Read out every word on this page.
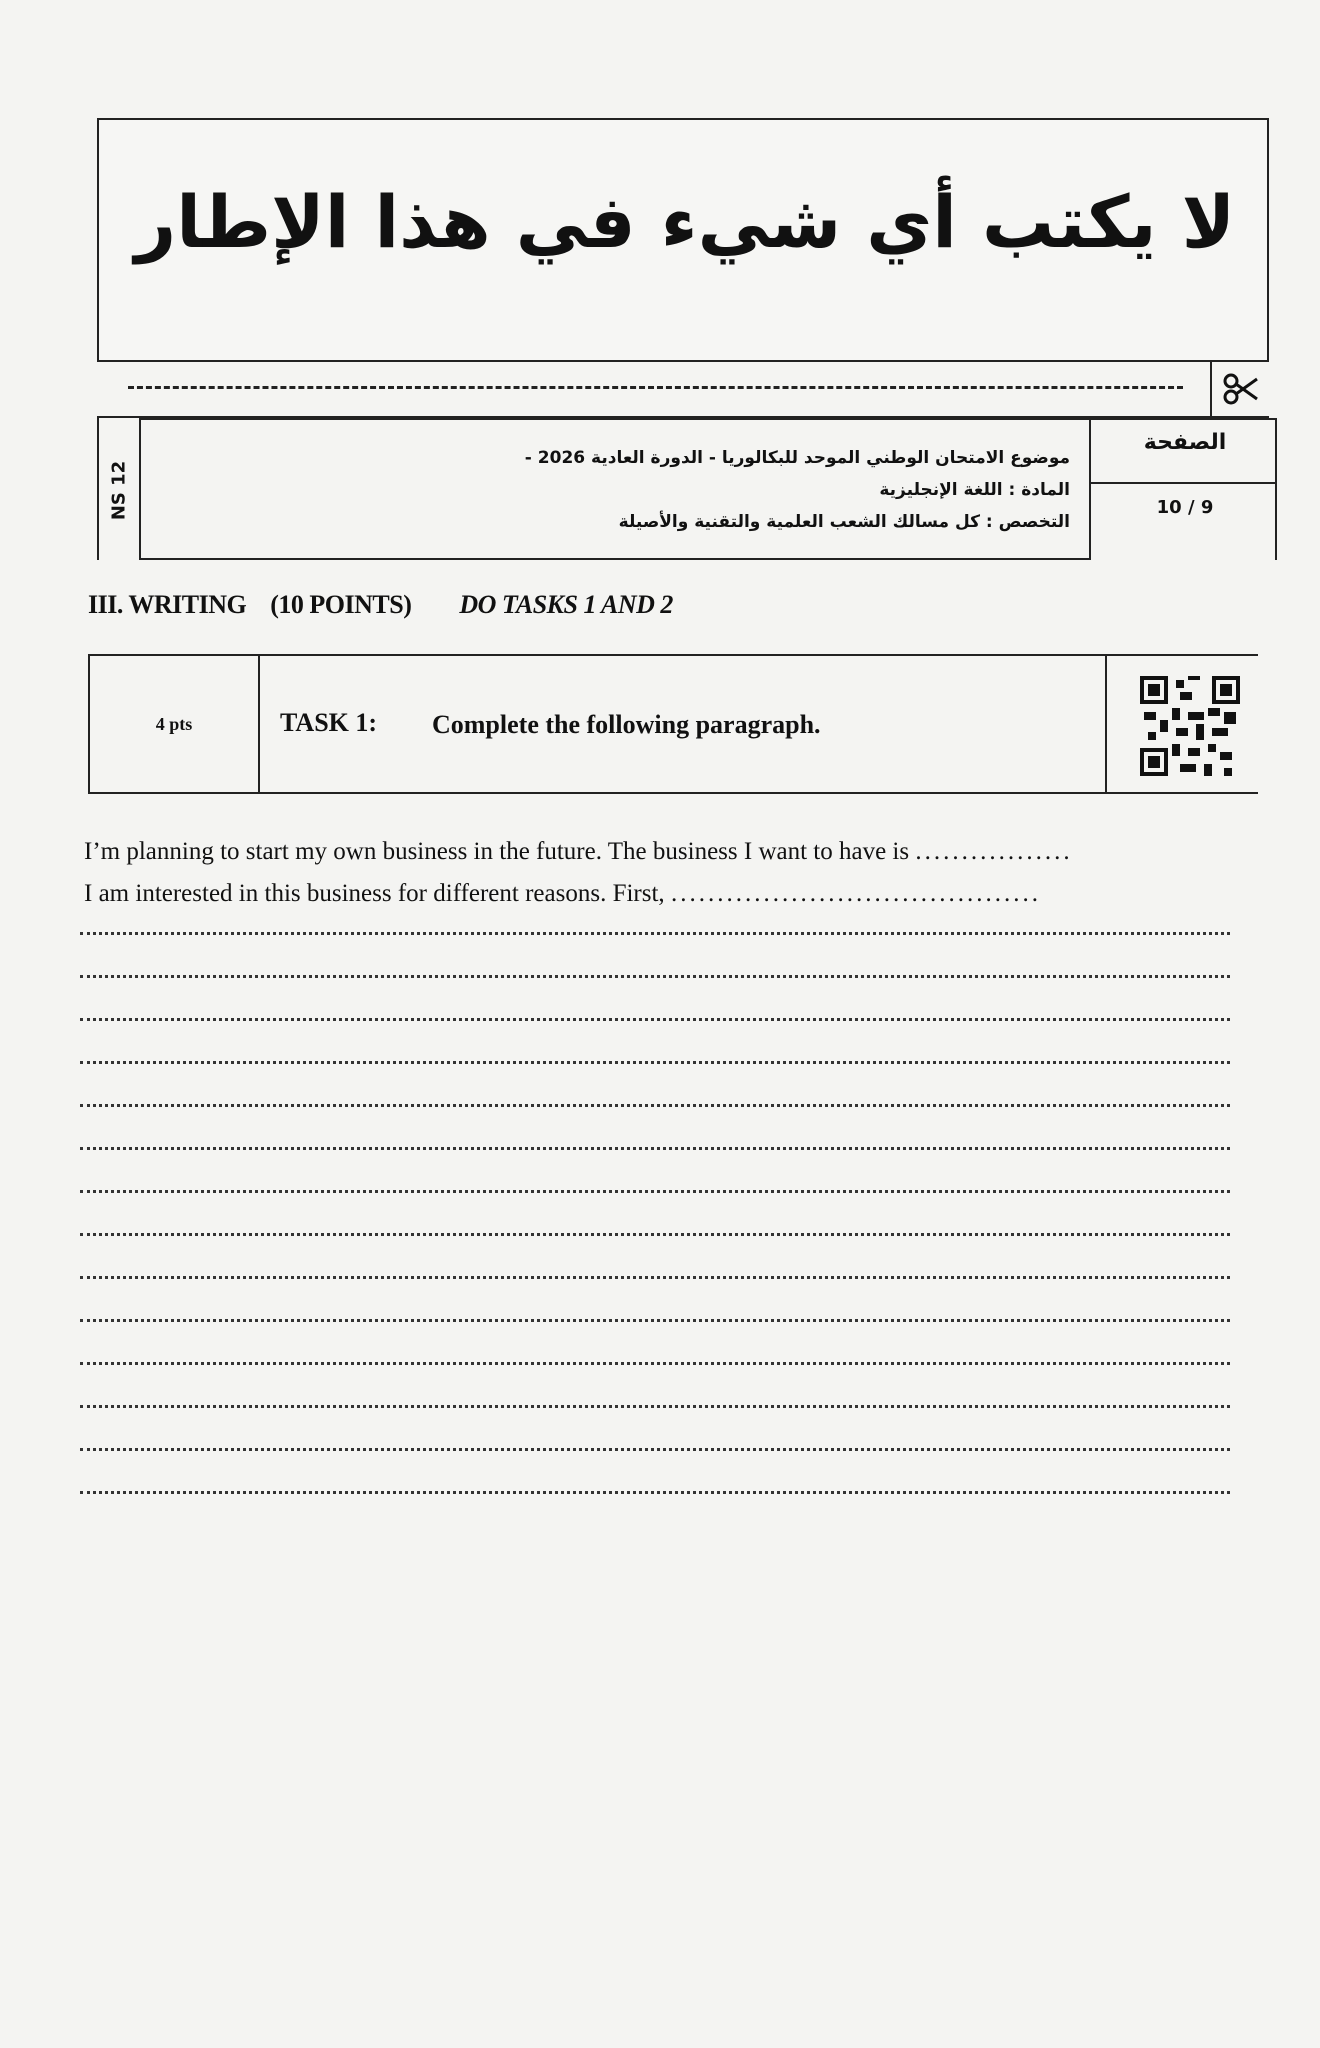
لا يكتب أي شيء في هذا الإطار
NS 12
موضوع الامتحان الوطني الموحد للبكالوريا - الدورة العادية 2026 -
المادة : اللغة الإنجليزية
التخصص : كل مسالك الشعب العلمية والتقنية والأصيلة
الصفحة
10 / 9
III. WRITING (10 POINTS) DO TASKS 1 AND 2
4 pts	TASK 1: Complete the following paragraph.
I’m planning to start my own business in the future. The business I want to have is .................
I am interested in this business for different reasons. First, ........................................
